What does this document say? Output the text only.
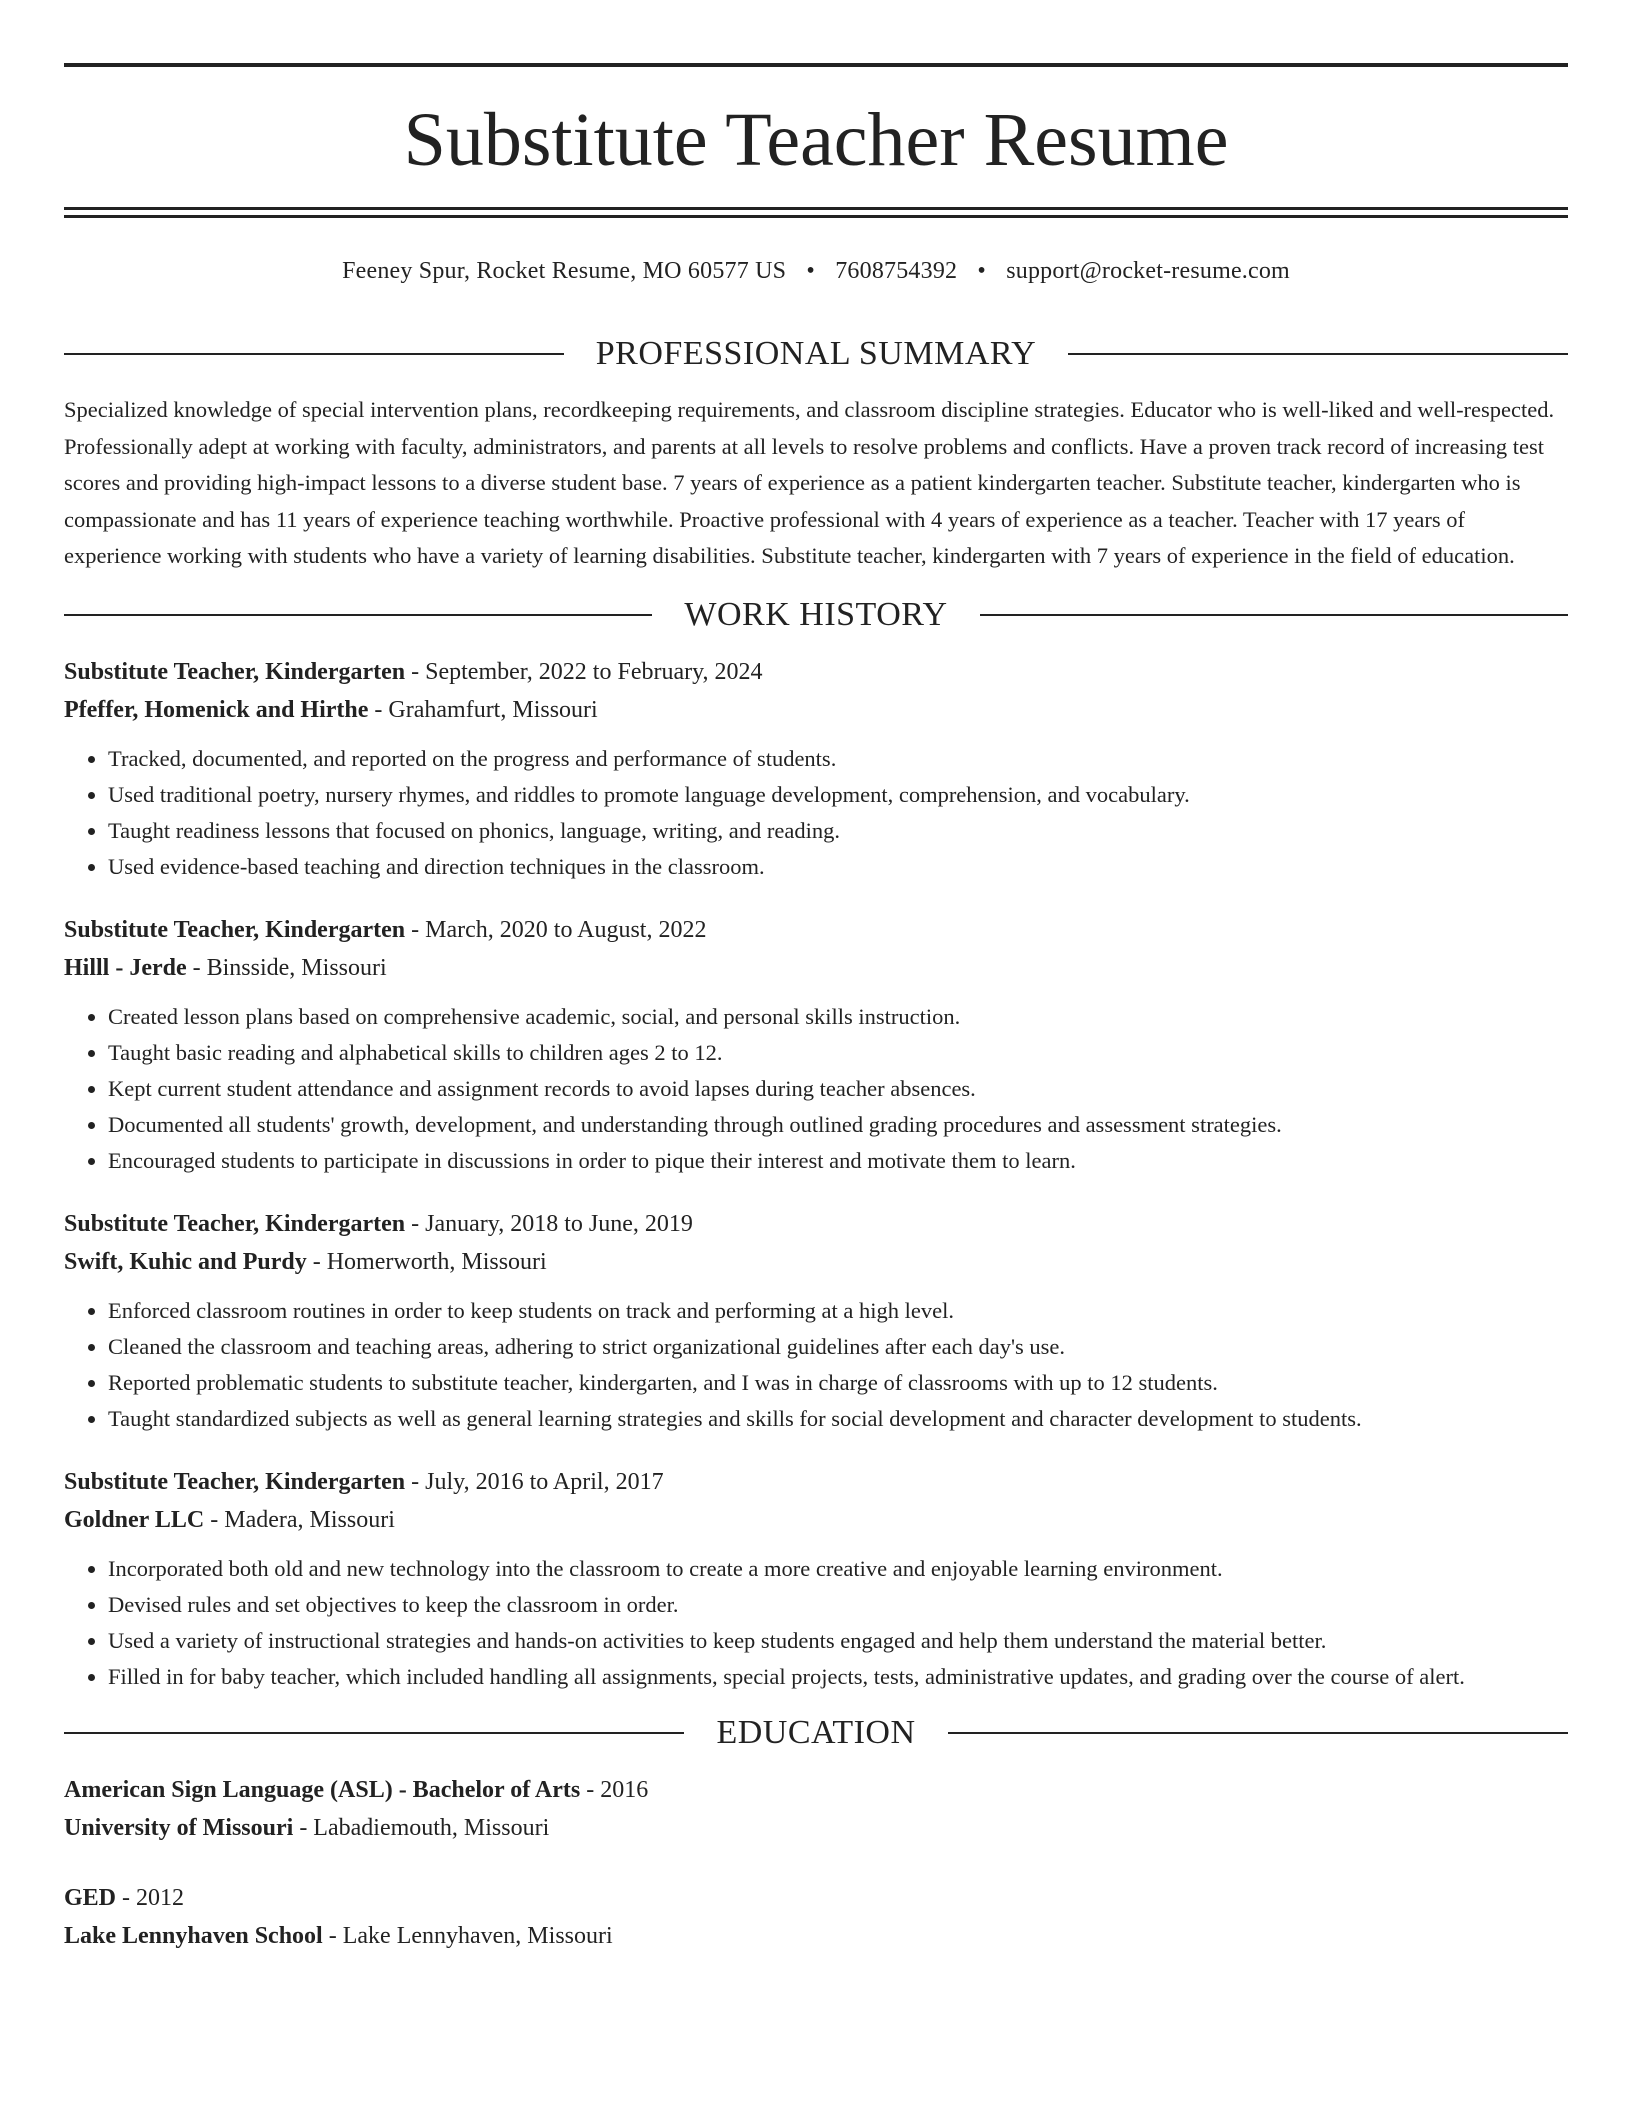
Substitute Teacher Resume
Feeney Spur, Rocket Resume, MO 60577 US • 7608754392 • support@rocket-resume.com
PROFESSIONAL SUMMARY

Specialized knowledge of special intervention plans, recordkeeping requirements, and classroom discipline strategies. Educator who is well-liked and well-respected. Professionally adept at working with faculty, administrators, and parents at all levels to resolve problems and conflicts. Have a proven track record of increasing test scores and providing high-impact lessons to a diverse student base. 7 years of experience as a patient kindergarten teacher. Substitute teacher, kindergarten who is compassionate and has 11 years of experience teaching worthwhile. Proactive professional with 4 years of experience as a teacher. Teacher with 17 years of experience working with students who have a variety of learning disabilities. Substitute teacher, kindergarten with 7 years of experience in the field of education.

WORK HISTORY
Substitute Teacher, Kindergarten - September, 2022 to February, 2024
Pfeffer, Homenick and Hirthe - Grahamfurt, Missouri
• Tracked, documented, and reported on the progress and performance of students.
• Used traditional poetry, nursery rhymes, and riddles to promote language development, comprehension, and vocabulary.
• Taught readiness lessons that focused on phonics, language, writing, and reading.
• Used evidence-based teaching and direction techniques in the classroom.
Substitute Teacher, Kindergarten - March, 2020 to August, 2022
Hilll - Jerde - Binsside, Missouri
• Created lesson plans based on comprehensive academic, social, and personal skills instruction.
• Taught basic reading and alphabetical skills to children ages 2 to 12.
• Kept current student attendance and assignment records to avoid lapses during teacher absences.
• Documented all students' growth, development, and understanding through outlined grading procedures and assessment strategies.
• Encouraged students to participate in discussions in order to pique their interest and motivate them to learn.
Substitute Teacher, Kindergarten - January, 2018 to June, 2019
Swift, Kuhic and Purdy - Homerworth, Missouri
• Enforced classroom routines in order to keep students on track and performing at a high level.
• Cleaned the classroom and teaching areas, adhering to strict organizational guidelines after each day's use.
• Reported problematic students to substitute teacher, kindergarten, and I was in charge of classrooms with up to 12 students.
• Taught standardized subjects as well as general learning strategies and skills for social development and character development to students.
Substitute Teacher, Kindergarten - July, 2016 to April, 2017
Goldner LLC - Madera, Missouri
• Incorporated both old and new technology into the classroom to create a more creative and enjoyable learning environment.
• Devised rules and set objectives to keep the classroom in order.
• Used a variety of instructional strategies and hands-on activities to keep students engaged and help them understand the material better.
• Filled in for baby teacher, which included handling all assignments, special projects, tests, administrative updates, and grading over the course of alert.
EDUCATION
American Sign Language (ASL) - Bachelor of Arts - 2016
University of Missouri - Labadiemouth, Missouri
GED - 2012
Lake Lennyhaven School - Lake Lennyhaven, Missouri
